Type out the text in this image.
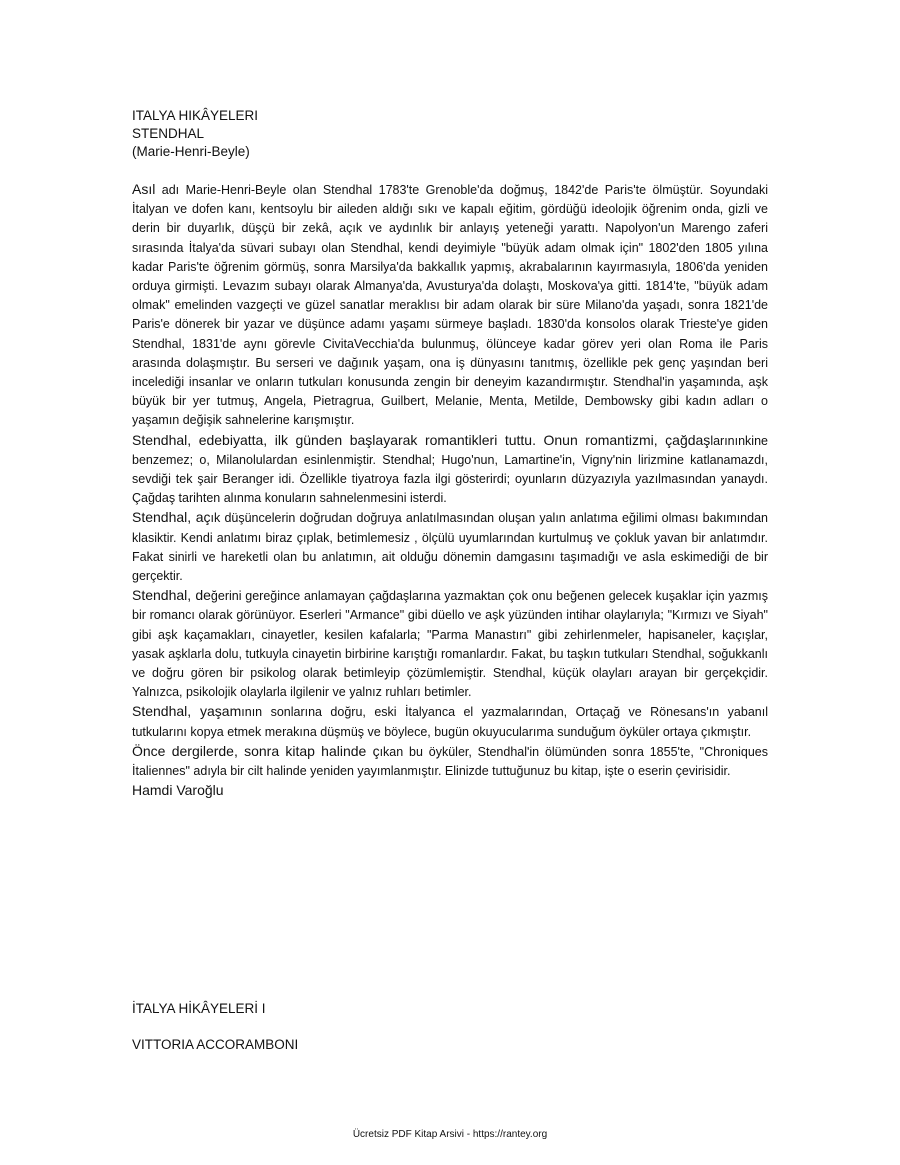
ITALYA HIKÂYELERI

STENDHAL

(Marie-Henri-Beyle)

Asıl adı Marie-Henri-Beyle olan Stendhal 1783'te Grenoble'da doğmuş, 1842'de Paris'te ölmüştür. Soyundaki İtalyan ve dofen kanı, kentsoylu bir aileden aldığı sıkı ve kapalı eğitim, gördüğü ideolojik öğrenim onda, gizli ve derin bir duyarlık, düşçü bir zekâ, açık ve aydınlık bir anlayış yeteneği yarattı. Napolyon'un Marengo zaferi sırasında İtalya'da süvari subayı olan Stendhal, kendi deyimiyle "büyük adam olmak için" 1802'den 1805 yılına kadar Paris'te öğrenim görmüş, sonra Marsilya'da bakkallık yapmış, akrabalarının kayırmasıyla, 1806'da yeniden orduya girmişti. Levazım subayı olarak Almanya'da, Avusturya'da dolaştı, Moskova'ya gitti. 1814'te, "büyük adam olmak" emelinden vazgeçti ve güzel sanatlar meraklısı bir adam olarak bir süre Milano'da yaşadı, sonra 1821'de Paris'e dönerek bir yazar ve düşünce adamı yaşamı sürmeye başladı. 1830'da konsolos olarak Trieste'ye giden Stendhal, 1831'de aynı görevle CivitaVecchia'da bulunmuş, ölünceye kadar görev yeri olan Roma ile Paris arasında dolaşmıştır. Bu serseri ve dağınık yaşam, ona iş dünyasını tanıtmış, özellikle pek genç yaşından beri incelediği insanlar ve onların tutkuları konusunda zengin bir deneyim kazandırmıştır. Stendhal'in yaşamında, aşk büyük bir yer tutmuş, Angela, Pietragrua, Guilbert, Melanie, Menta, Metilde, Dembowsky gibi kadın adları o yaşamın değişik sahnelerine karışmıştır.

Stendhal, edebiyatta, ilk günden başlayarak romantikleri tuttu. Onun romantizmi, çağdaşlarınınkine benzemez; o, Milanolulardan esinlenmiştir. Stendhal; Hugo'nun, Lamartine'in, Vigny'nin lirizmine katlanamazdı, sevdiği tek şair Beranger idi. Özellikle tiyatroya fazla ilgi gösterirdi; oyunların düzyazıyla yazılmasından yanaydı. Çağdaş tarihten alınma konuların sahnelenmesini isterdi.

Stendhal, açık düşüncelerin doğrudan doğruya anlatılmasından oluşan yalın anlatıma eğilimi olması bakımından klasiktir. Kendi anlatımı biraz çıplak, betimlemesiz , ölçülü uyumlarından kurtulmuş ve çokluk yavan bir anlatımdır. Fakat sinirli ve hareketli olan bu anlatımın, ait olduğu dönemin damgasını taşımadığı ve asla eskimediği de bir gerçektir.

Stendhal, değerini gereğince anlamayan çağdaşlarına yazmaktan çok onu beğenen gelecek kuşaklar için yazmış bir romancı olarak görünüyor. Eserleri "Armance" gibi düello ve aşk yüzünden intihar olaylarıyla; "Kırmızı ve Siyah" gibi aşk kaçamakları, cinayetler, kesilen kafalarla; "Parma Manastırı" gibi zehirlenmeler, hapisaneler, kaçışlar, yasak aşklarla dolu, tutkuyla cinayetin birbirine karıştığı romanlardır. Fakat, bu taşkın tutkuları Stendhal, soğukkanlı ve doğru gören bir psikolog olarak betimleyip çözümlemiştir. Stendhal, küçük olayları arayan bir gerçekçidir. Yalnızca, psikolojik olaylarla ilgilenir ve yalnız ruhları betimler.

Stendhal, yaşamının sonlarına doğru, eski İtalyanca el yazmalarından, Ortaçağ ve Rönesans'ın yabanıl tutkularını kopya etmek merakına düşmüş ve böylece, bugün okuyucularıma sunduğum öyküler ortaya çıkmıştır.

Önce dergilerde, sonra kitap halinde çıkan bu öyküler, Stendhal'in ölümünden sonra 1855'te, "Chroniques İtaliennes" adıyla bir cilt halinde yeniden yayımlanmıştır. Elinizde tuttuğunuz bu kitap, işte o eserin çevirisidir.

Hamdi Varoğlu

İTALYA HİKÂYELERİ I

VITTORIA ACCORAMBONI

Ücretsiz PDF Kitap Arsivi - https://rantey.org
